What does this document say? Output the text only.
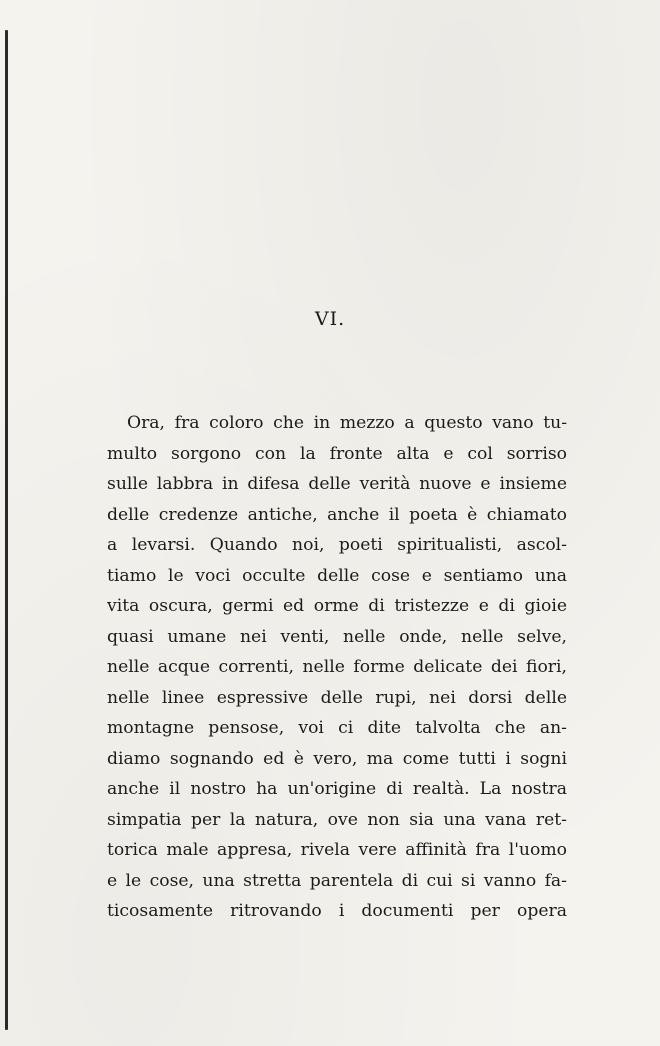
VI.
Ora, fra coloro che in mezzo a questo vano tu-
multo sorgono con la fronte alta e col sorriso
sulle labbra in difesa delle verità nuove e insieme
delle credenze antiche, anche il poeta è chiamato
a levarsi. Quando noi, poeti spiritualisti, ascol-
tiamo le voci occulte delle cose e sentiamo una
vita oscura, germi ed orme di tristezze e di gioie
quasi umane nei venti, nelle onde, nelle selve,
nelle acque correnti, nelle forme delicate dei fiori,
nelle linee espressive delle rupi, nei dorsi delle
montagne pensose, voi ci dite talvolta che an-
diamo sognando ed è vero, ma come tutti i sogni
anche il nostro ha un'origine di realtà. La nostra
simpatia per la natura, ove non sia una vana ret-
torica male appresa, rivela vere affinità fra l'uomo
e le cose, una stretta parentela di cui si vanno fa-
ticosamente ritrovando i documenti per opera
